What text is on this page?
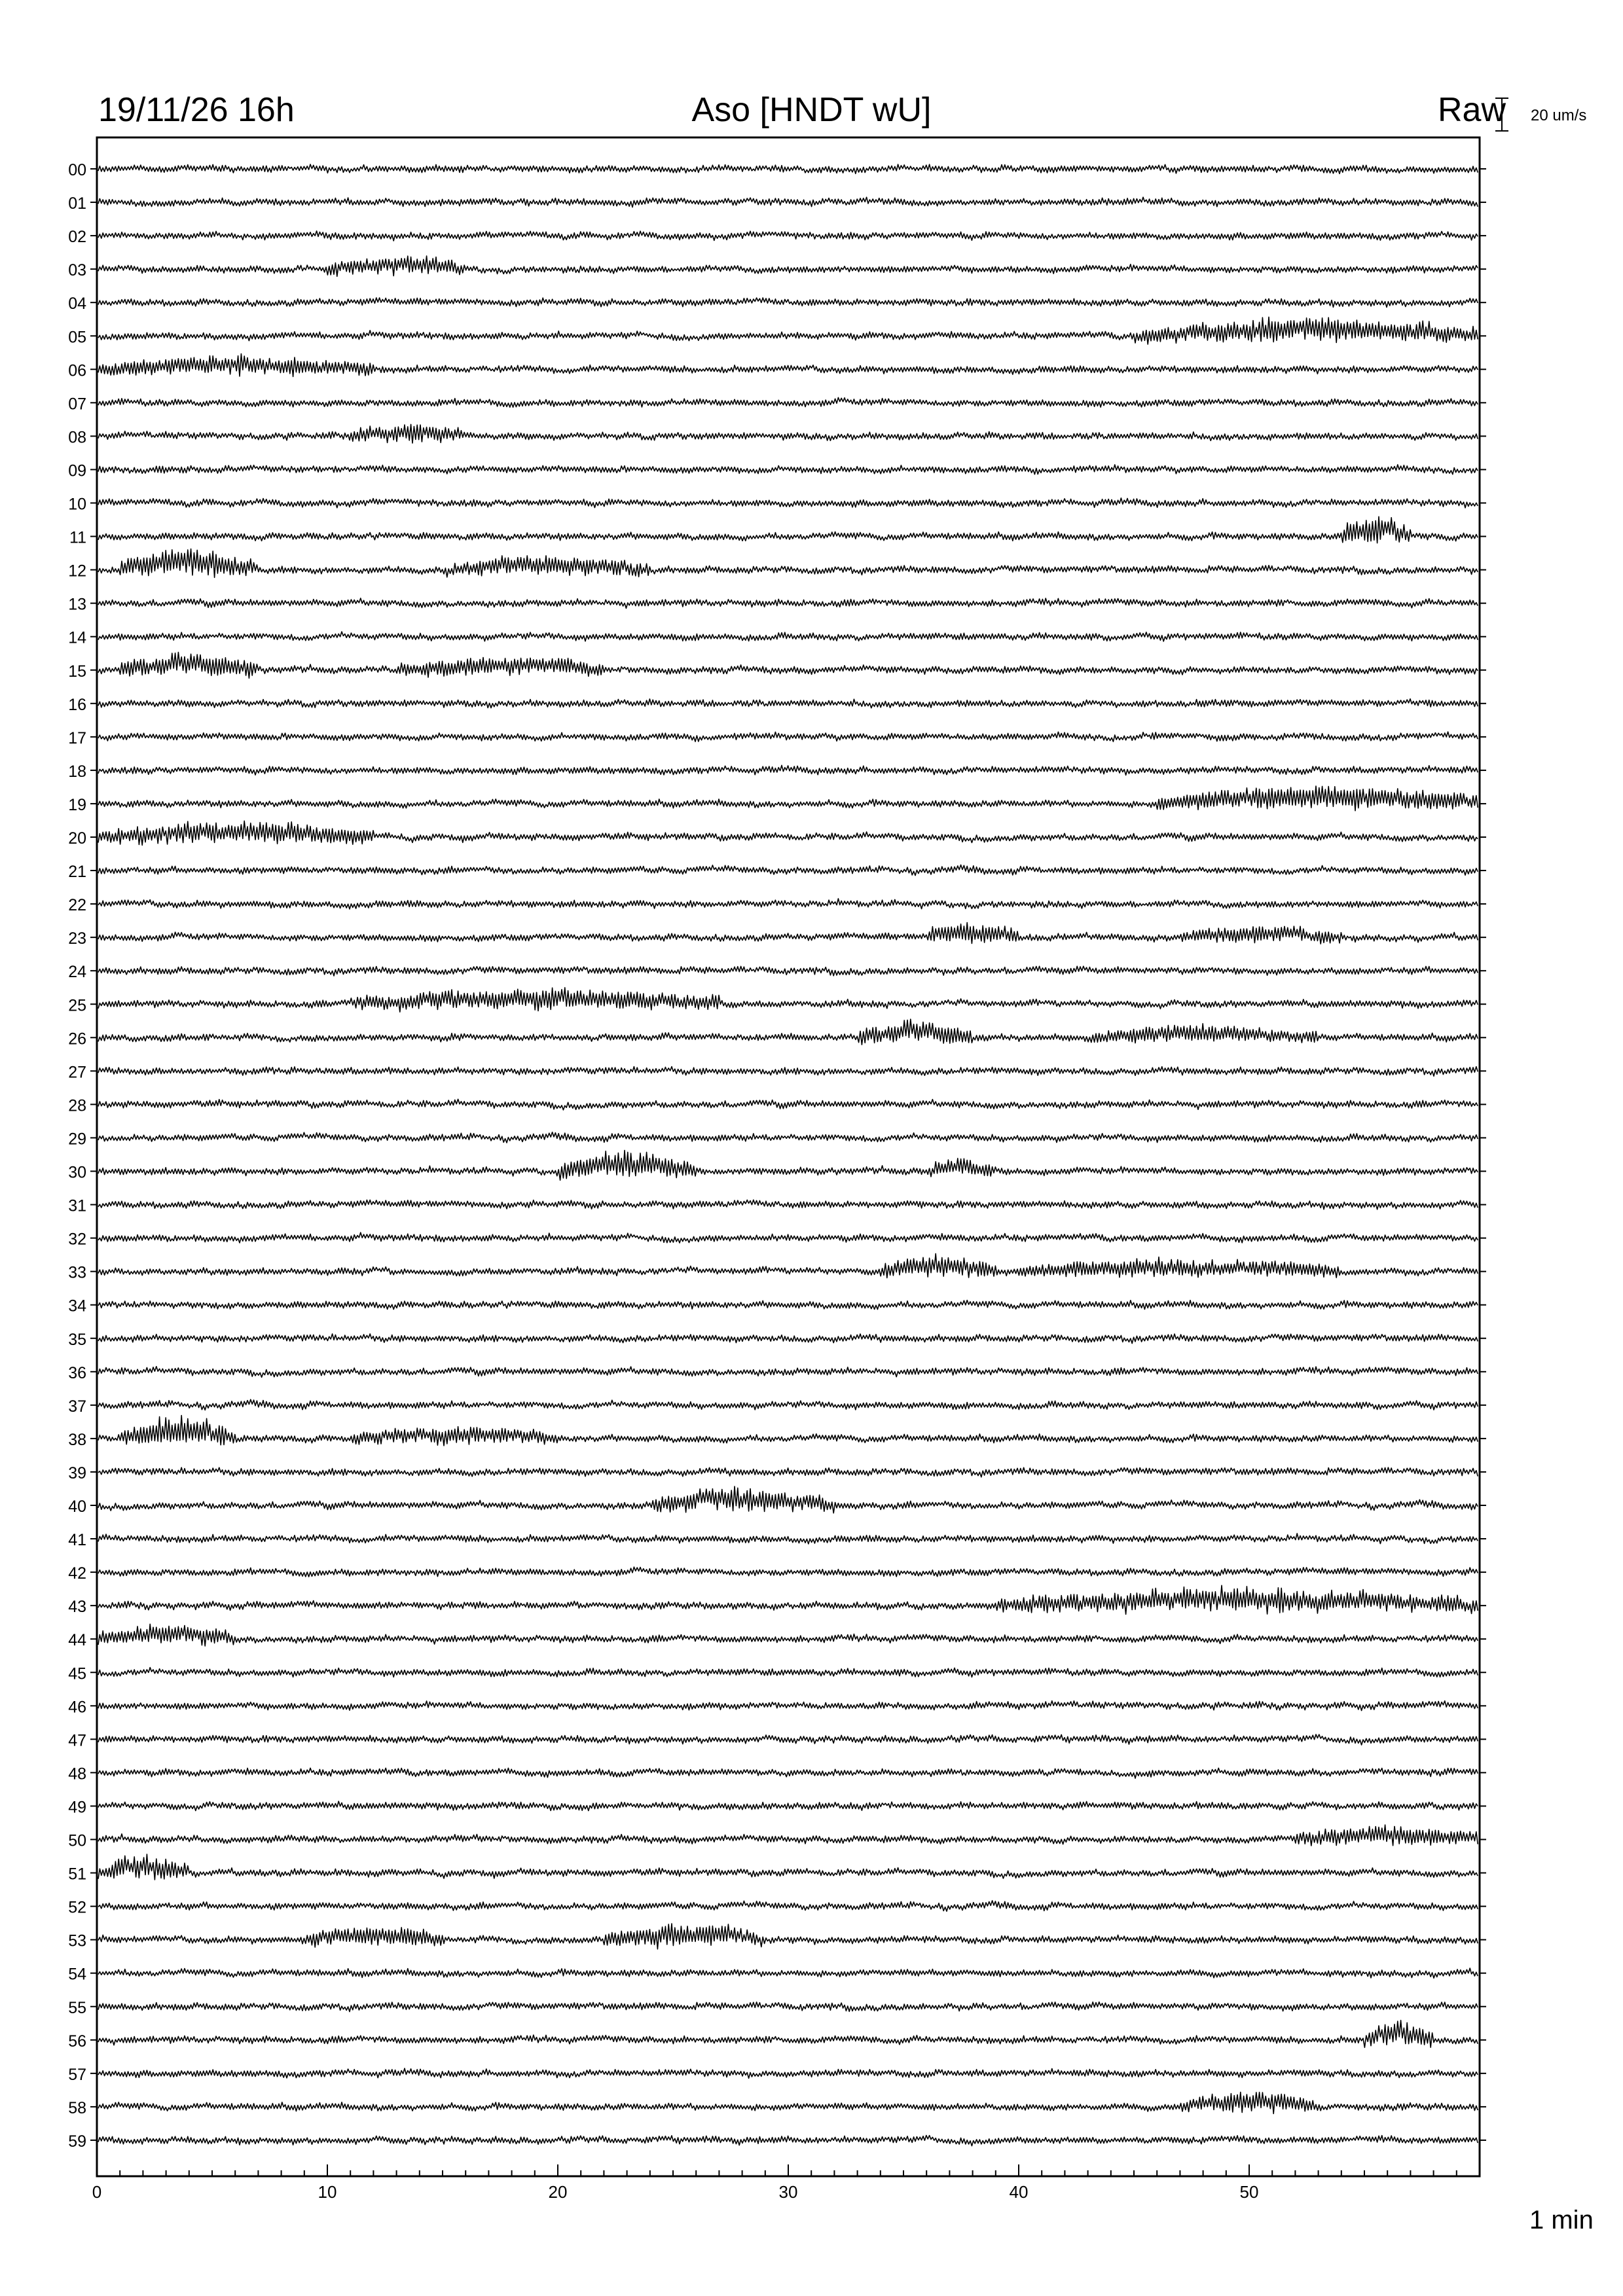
19/11/26 16h	Aso [HNDT wU]	Raw 20 um/s
1 min
00
01
02
03
04
05
06
07
08
09
10
11
12
13
14
15
16
17
18
19
20
21
22
23
24
25
26
27
28
29
30
31
32
33
34
35
36
37
38
39
40
41
42
43
44
45
46
47
48
49
50
51
52
53
54
55
56
57
58
59
0	10	20	30	40	50
